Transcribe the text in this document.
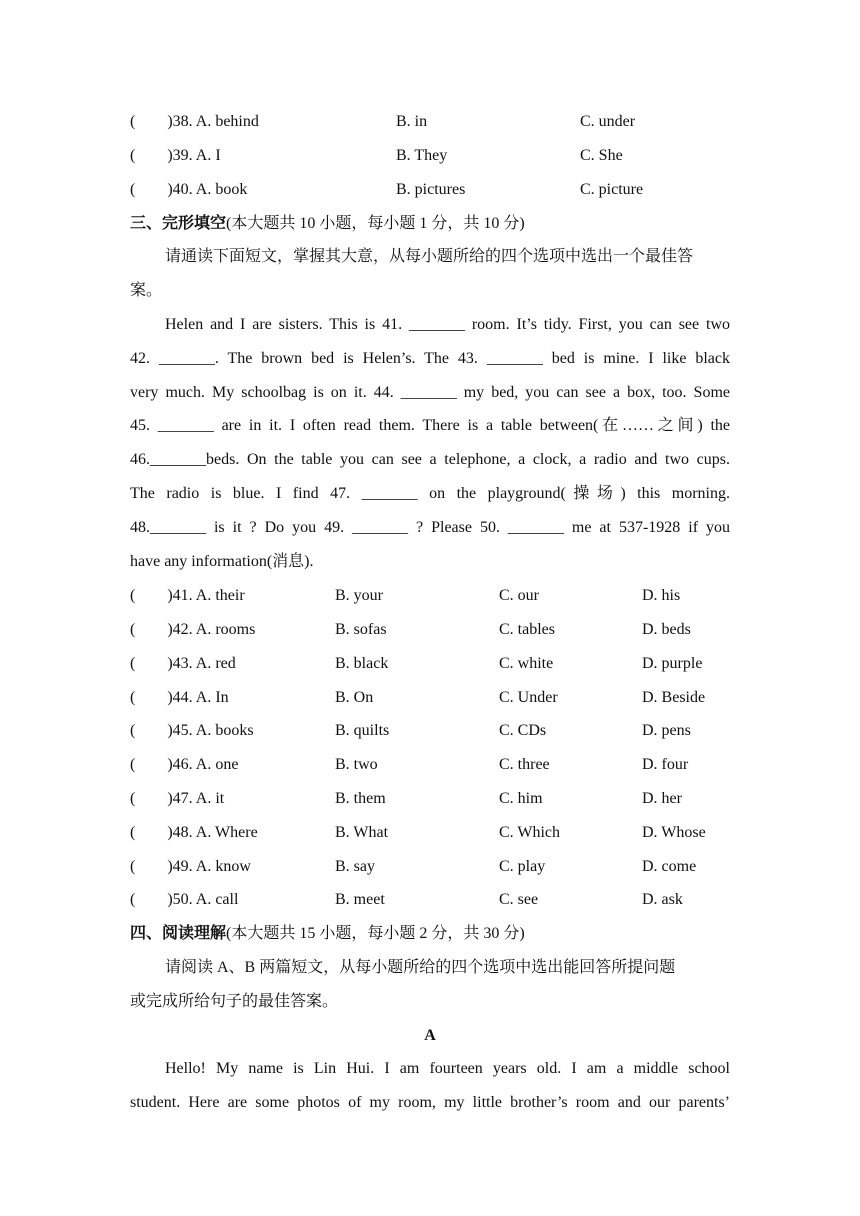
(  )38. A. behind	B. in	C. under
(  )39. A. I	B. They	C. She
(  )40. A. book	B. pictures	C. picture
三、完形填空(本大题共 10 小题，每小题 1 分，共 10 分)
请通读下面短文，掌握其大意，从每小题所给的四个选项中选出一个最佳答
案。
Helen and I are sisters. This is 41. _______ room. It’s tidy. First, you can see two
42. _______. The brown bed is Helen’s. The 43. _______ bed is mine. I like black
very much. My schoolbag is on it. 44. _______ my bed, you can see a box, too. Some
45. _______ are in it. I often read them. There is a table between(在……之间) the
46._______beds. On the table you can see a telephone, a clock, a radio and two cups.
The radio is blue. I find 47. _______ on the playground(操场) this morning.
48._______ is it ? Do you 49. _______ ? Please 50. _______ me at 537-1928 if you
have any information(消息).
(  )41. A. their	B. your	C. our	D. his
(  )42. A. rooms	B. sofas	C. tables	D. beds
(  )43. A. red	B. black	C. white	D. purple
(  )44. A. In	B. On	C. Under	D. Beside
(  )45. A. books	B. quilts	C. CDs	D. pens
(  )46. A. one	B. two	C. three	D. four
(  )47. A. it	B. them	C. him	D. her
(  )48. A. Where	B. What	C. Which	D. Whose
(  )49. A. know	B. say	C. play	D. come
(  )50. A. call	B. meet	C. see	D. ask
四、阅读理解(本大题共 15 小题，每小题 2 分，共 30 分)
请阅读 A、B 两篇短文，从每小题所给的四个选项中选出能回答所提问题
或完成所给句子的最佳答案。
A
Hello! My name is Lin Hui. I am fourteen years old. I am a middle school
student. Here are some photos of my room, my little brother’s room and our parents’
